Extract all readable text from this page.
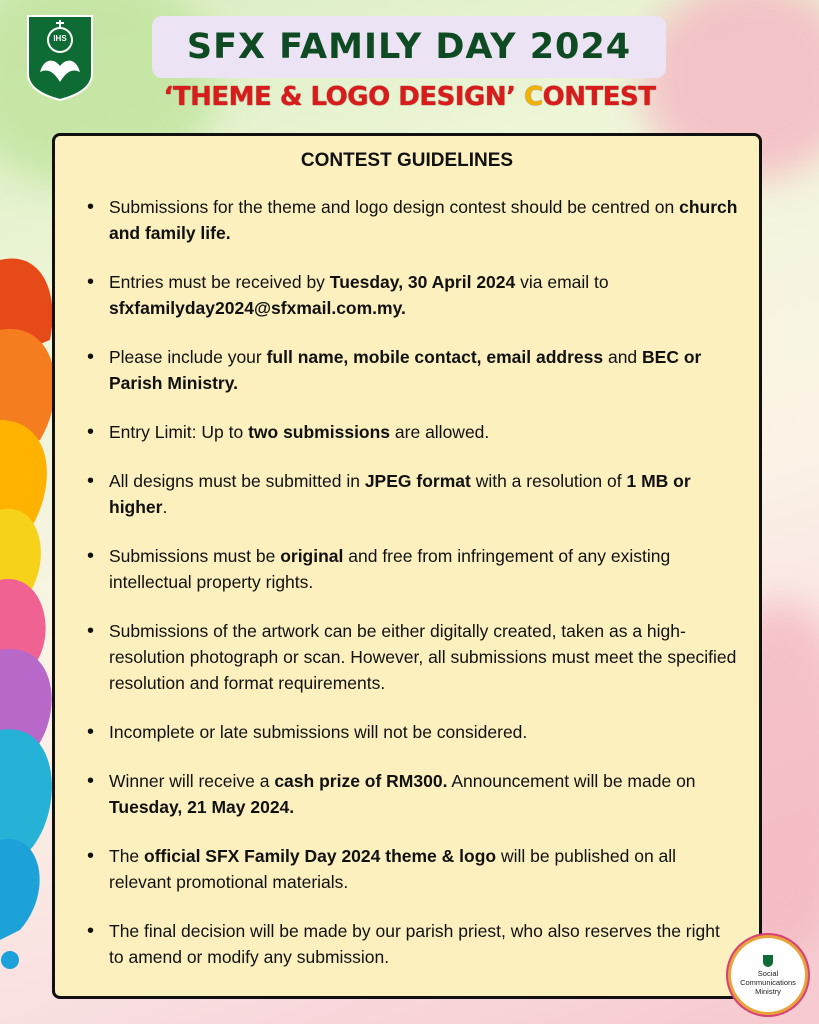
IHS	SFX FAMILY DAY 2024
‘THEME & LOGO DESIGN’ CONTEST
CONTEST GUIDELINES
• Submissions for the theme and logo design contest should be centred on church and family life.
• Entries must be received by Tuesday, 30 April 2024 via email to sfxfamilyday2024@sfxmail.com.my.
• Please include your full name, mobile contact, email address and BEC or Parish Ministry.
• Entry Limit: Up to two submissions are allowed.
• All designs must be submitted in JPEG format with a resolution of 1 MB or higher.
• Submissions must be original and free from infringement of any existing intellectual property rights.
• Submissions of the artwork can be either digitally created, taken as a high-resolution photograph or scan. However, all submissions must meet the specified resolution and format requirements.
• Incomplete or late submissions will not be considered.
• Winner will receive a cash prize of RM300. Announcement will be made on Tuesday, 21 May 2024.
• The official SFX Family Day 2024 theme & logo will be published on all relevant promotional materials.
• The final decision will be made by our parish priest, who also reserves the right to amend or modify any submission.
Social
Communications
Ministry
